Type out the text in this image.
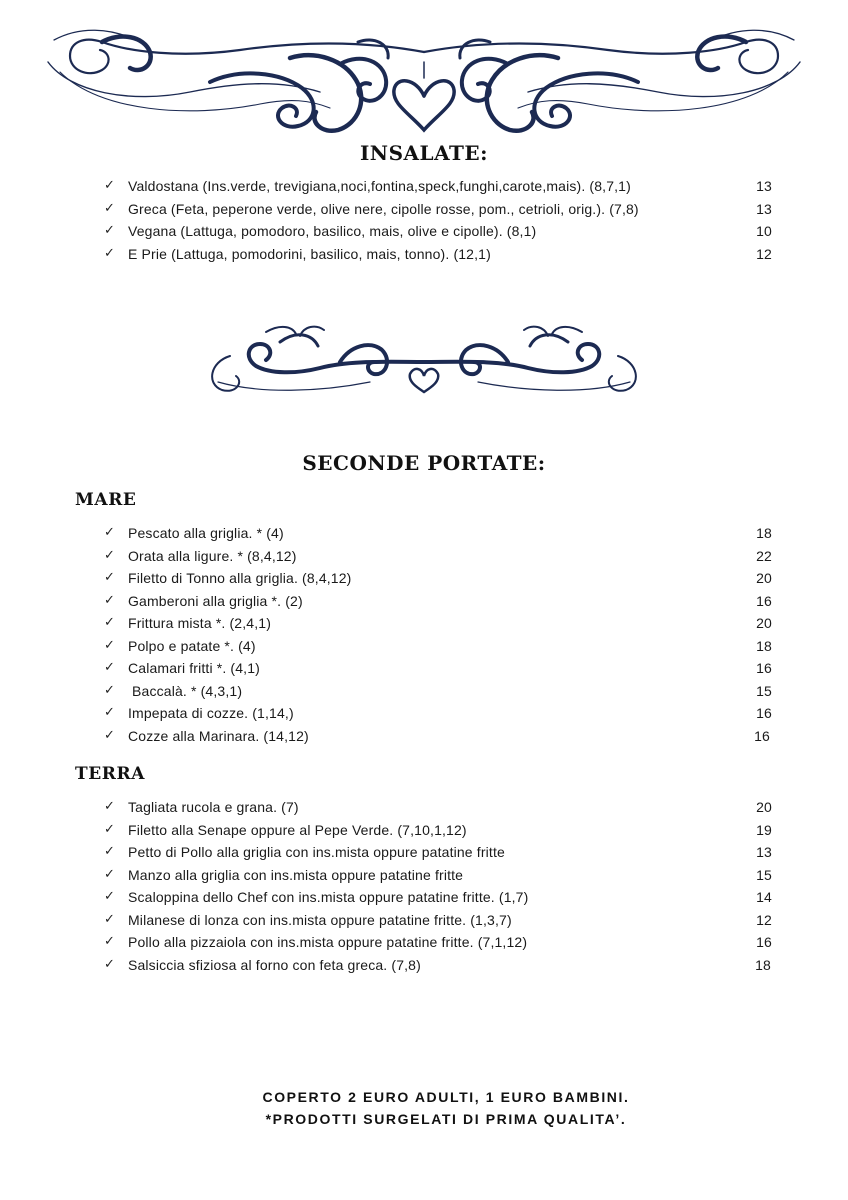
INSALATE:
✓ Valdostana (Ins.verde, trevigiana,noci,fontina,speck,funghi,carote,mais). (8,7,1)	13
✓ Greca (Feta, peperone verde, olive nere, cipolle rosse, pom., cetrioli, orig.). (7,8)	13
✓ Vegana (Lattuga, pomodoro, basilico, mais, olive e cipolle). (8,1)	10
✓ E Prie (Lattuga, pomodorini, basilico, mais, tonno). (12,1)	12
SECONDE PORTATE:
MARE
✓ Pescato alla griglia. * (4)	18
✓ Orata alla ligure. * (8,4,12)	22
✓ Filetto di Tonno alla griglia. (8,4,12)	20
✓ Gamberoni alla griglia *. (2)	16
✓ Frittura mista *. (2,4,1)	20
✓ Polpo e patate *. (4)	18
✓ Calamari fritti *. (4,1)	16
✓ Baccalà. * (4,3,1)	15
✓ Impepata di cozze. (1,14,)	16
✓ Cozze alla Marinara. (14,12)	16
TERRA
✓ Tagliata rucola e grana. (7)	20
✓ Filetto alla Senape oppure al Pepe Verde. (7,10,1,12)	19
✓ Petto di Pollo alla griglia con ins.mista oppure patatine fritte	13
✓ Manzo alla griglia con ins.mista oppure patatine fritte	15
✓ Scaloppina dello Chef con ins.mista oppure patatine fritte. (1,7)	14
✓ Milanese di lonza con ins.mista oppure patatine fritte. (1,3,7)	12
✓ Pollo alla pizzaiola con ins.mista oppure patatine fritte. (7,1,12)	16
✓ Salsiccia sfiziosa al forno con feta greca. (7,8)	18

COPERTO 2 EURO ADULTI, 1 EURO BAMBINI.

*PRODOTTI SURGELATI DI PRIMA QUALITA’.
